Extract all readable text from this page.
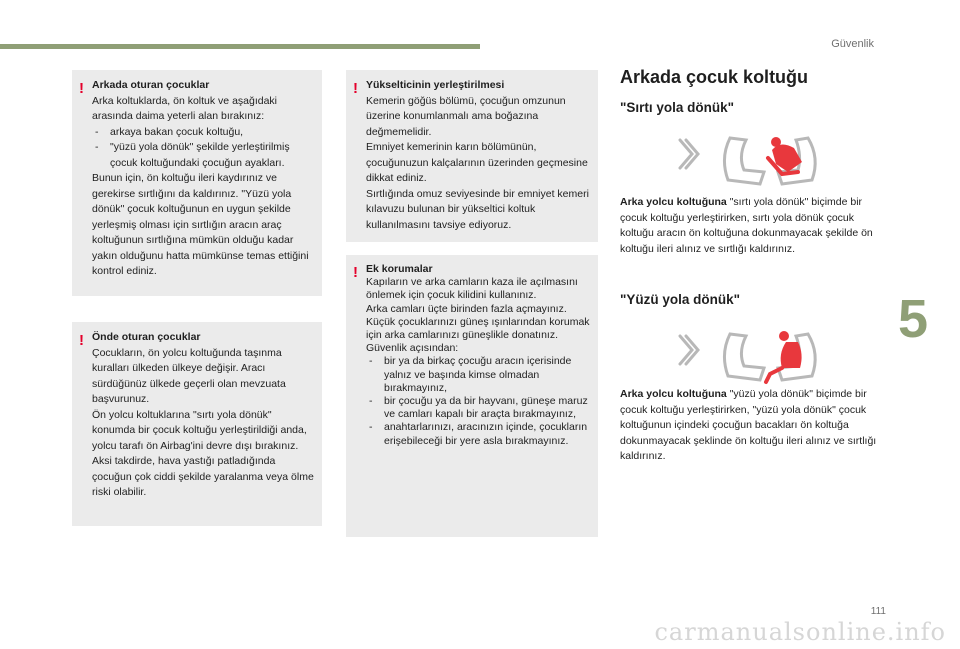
Güvenlik
5
111
carmanualsonline.info
! Arkada oturan çocuklar

Arka koltuklarda, ön koltuk ve aşağıdaki arasında daima yeterli alan bırakınız:

- arkaya bakan çocuk koltuğu,
- "yüzü yola dönük" şekilde yerleştirilmiş çocuk koltuğundaki çocuğun ayakları.

Bunun için, ön koltuğu ileri kaydırınız ve gerekirse sırtlığını da kaldırınız. "Yüzü yola dönük" çocuk koltuğunun en uygun şekilde yerleşmiş olması için sırtlığın aracın araç koltuğunun sırtlığına mümkün olduğu kadar yakın olduğunu hatta mümkünse temas ettiğini kontrol ediniz.

! Önde oturan çocuklar

Çocukların, ön yolcu koltuğunda taşınma kuralları ülkeden ülkeye değişir. Aracı sürdüğünüz ülkede geçerli olan mevzuata başvurunuz.

Ön yolcu koltuklarına "sırtı yola dönük" konumda bir çocuk koltuğu yerleştirildiği anda, yolcu tarafı ön Airbag'ini devre dışı bırakınız.

Aksi takdirde, hava yastığı patladığında çocuğun çok ciddi şekilde yaralanma veya ölme riski olabilir.

! Yükselticinin yerleştirilmesi

Kemerin göğüs bölümü, çocuğun omzunun üzerine konumlanmalı ama boğazına değmemelidir.

Emniyet kemerinin karın bölümünün, çocuğunuzun kalçalarının üzerinden geçmesine dikkat ediniz.

Sırtlığında omuz seviyesinde bir emniyet kemeri kılavuzu bulunan bir yükseltici koltuk kullanılmasını tavsiye ediyoruz.

! Ek korumalar

Kapıların ve arka camların kaza ile açılmasını önlemek için çocuk kilidini kullanınız.

Arka camları üçte birinden fazla açmayınız.

Küçük çocuklarınızı güneş ışınlarından korumak için arka camlarınızı güneşlikle donatınız.

Güvenlik açısından:

- bir ya da birkaç çocuğu aracın içerisinde yalnız ve başında kimse olmadan bırakmayınız,
- bir çocuğu ya da bir hayvanı, güneşe maruz ve camları kapalı bir araçta bırakmayınız,
- anahtarlarınızı, aracınızın içinde, çocukların erişebileceği bir yere asla bırakmayınız.
Arkada çocuk koltuğu
"Sırtı yola dönük"

Arka yolcu koltuğuna "sırtı yola dönük" biçimde bir çocuk koltuğu yerleştirirken, sırtı yola dönük çocuk koltuğu aracın ön koltuğuna dokunmayacak şekilde ön koltuğu ileri alınız ve sırtlığı kaldırınız.

"Yüzü yola dönük"

Arka yolcu koltuğuna "yüzü yola dönük" biçimde bir çocuk koltuğu yerleştirirken, "yüzü yola dönük" çocuk koltuğunun içindeki çocuğun bacakları ön koltuğa dokunmayacak şeklinde ön koltuğu ileri alınız ve sırtlığı kaldırınız.
